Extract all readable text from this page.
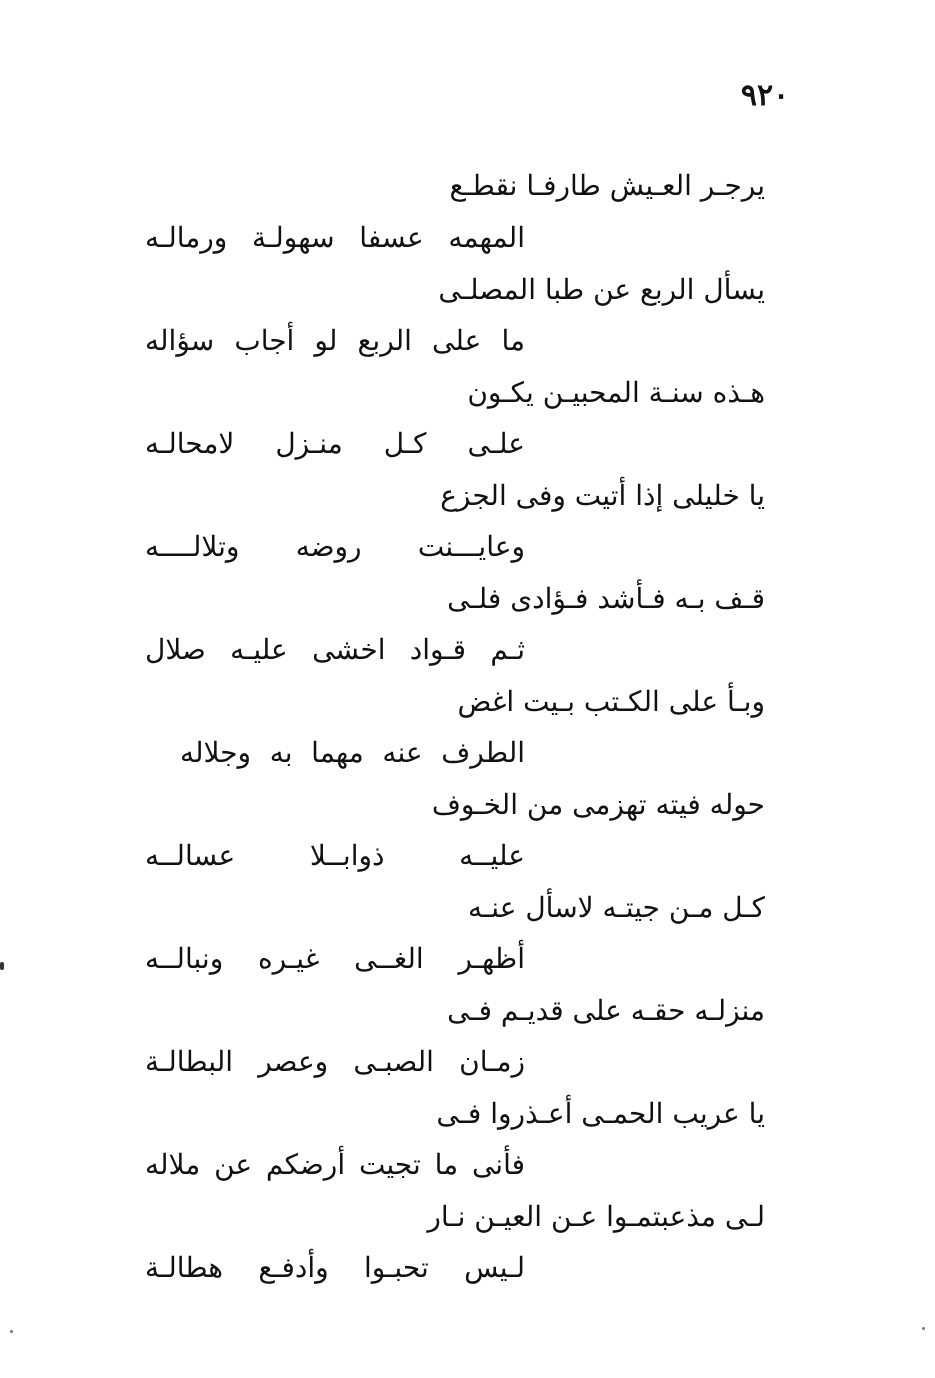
٩٢٠
يرجـر العـيش طارفـا نقطـع
المهمه عسفا سهولـة ورمالـه
يسأل الربع عن طبا المصلـى
ما على الربع لو أجاب سؤاله
هـذه سنـة المحبيـن يكـون
علـى كـل منـزل لامحالـه
يا خليلى إذا أتيت وفى الجزع
وعايـــنت روضه وتلالــــه
قـف بـه فـأشد فـؤادى فلـى
ثـم قـواد اخشى عليـه صلال
وبـأ على الكـتب بـيت اغض
الطرف عنه مهما به وجلاله
حوله فيته تهزمى من الخـوف
عليــه ذوابــلا عسالــه
كـل مـن جيتـه لاسأل عنـه
أظهـر الغــى غيـره ونبالــه
منزلـه حقـه على قديـم فـى
زمـان الصبـى وعصر البطالـة
يا عريب الحمـى أعـذروا فـى
فأنى ما تجيت أرضكم عن ملاله
لـى مذعبتمـوا عـن العيـن نـار
لـيس تحبـوا وأدفـع هطالـة
